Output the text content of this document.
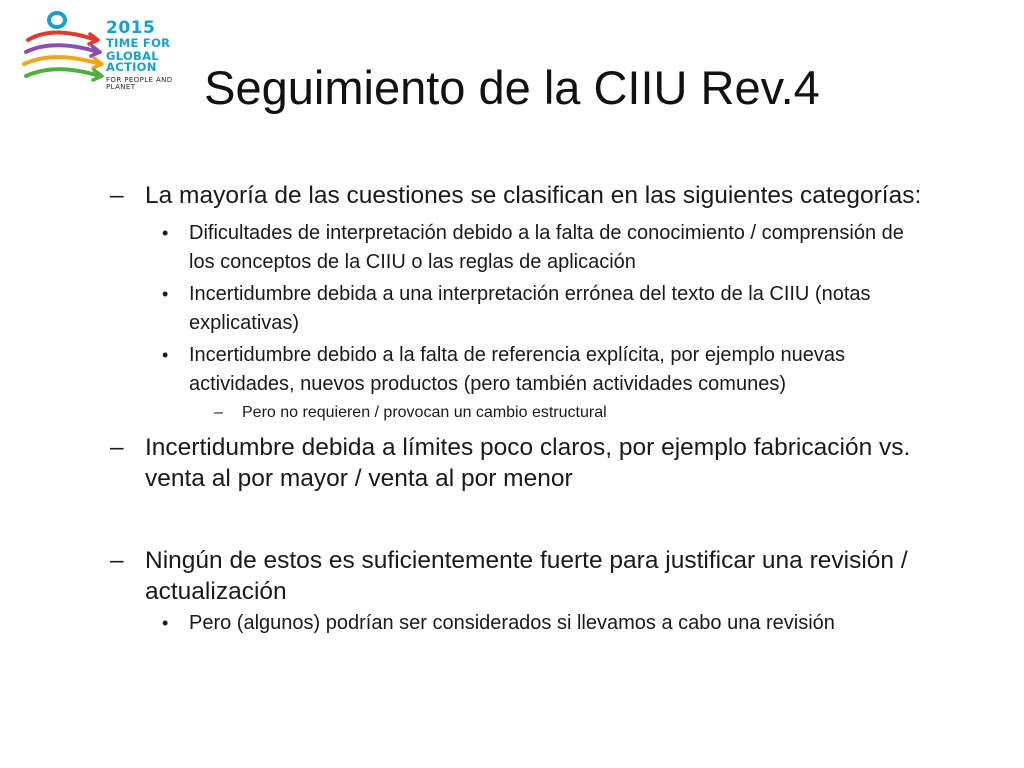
2015
TIME FOR
GLOBAL ACTION
FOR PEOPLE AND PLANET	Seguimiento de la CIIU Rev.4
– La mayoría de las cuestiones se clasifican en las siguientes categorías:
• Dificultades de interpretación debido a la falta de conocimiento / comprensión de los conceptos de la CIIU o las reglas de aplicación
• Incertidumbre debida a una interpretación errónea del texto de la CIIU (notas explicativas)
• Incertidumbre debido a la falta de referencia explícita, por ejemplo nuevas actividades, nuevos productos (pero también actividades comunes)
– Pero no requieren / provocan un cambio estructural
– Incertidumbre debida a límites poco claros, por ejemplo fabricación vs. venta al por mayor / venta al por menor
– Ningún de estos es suficientemente fuerte para justificar una revisión / actualización
• Pero (algunos) podrían ser considerados si llevamos a cabo una revisión
